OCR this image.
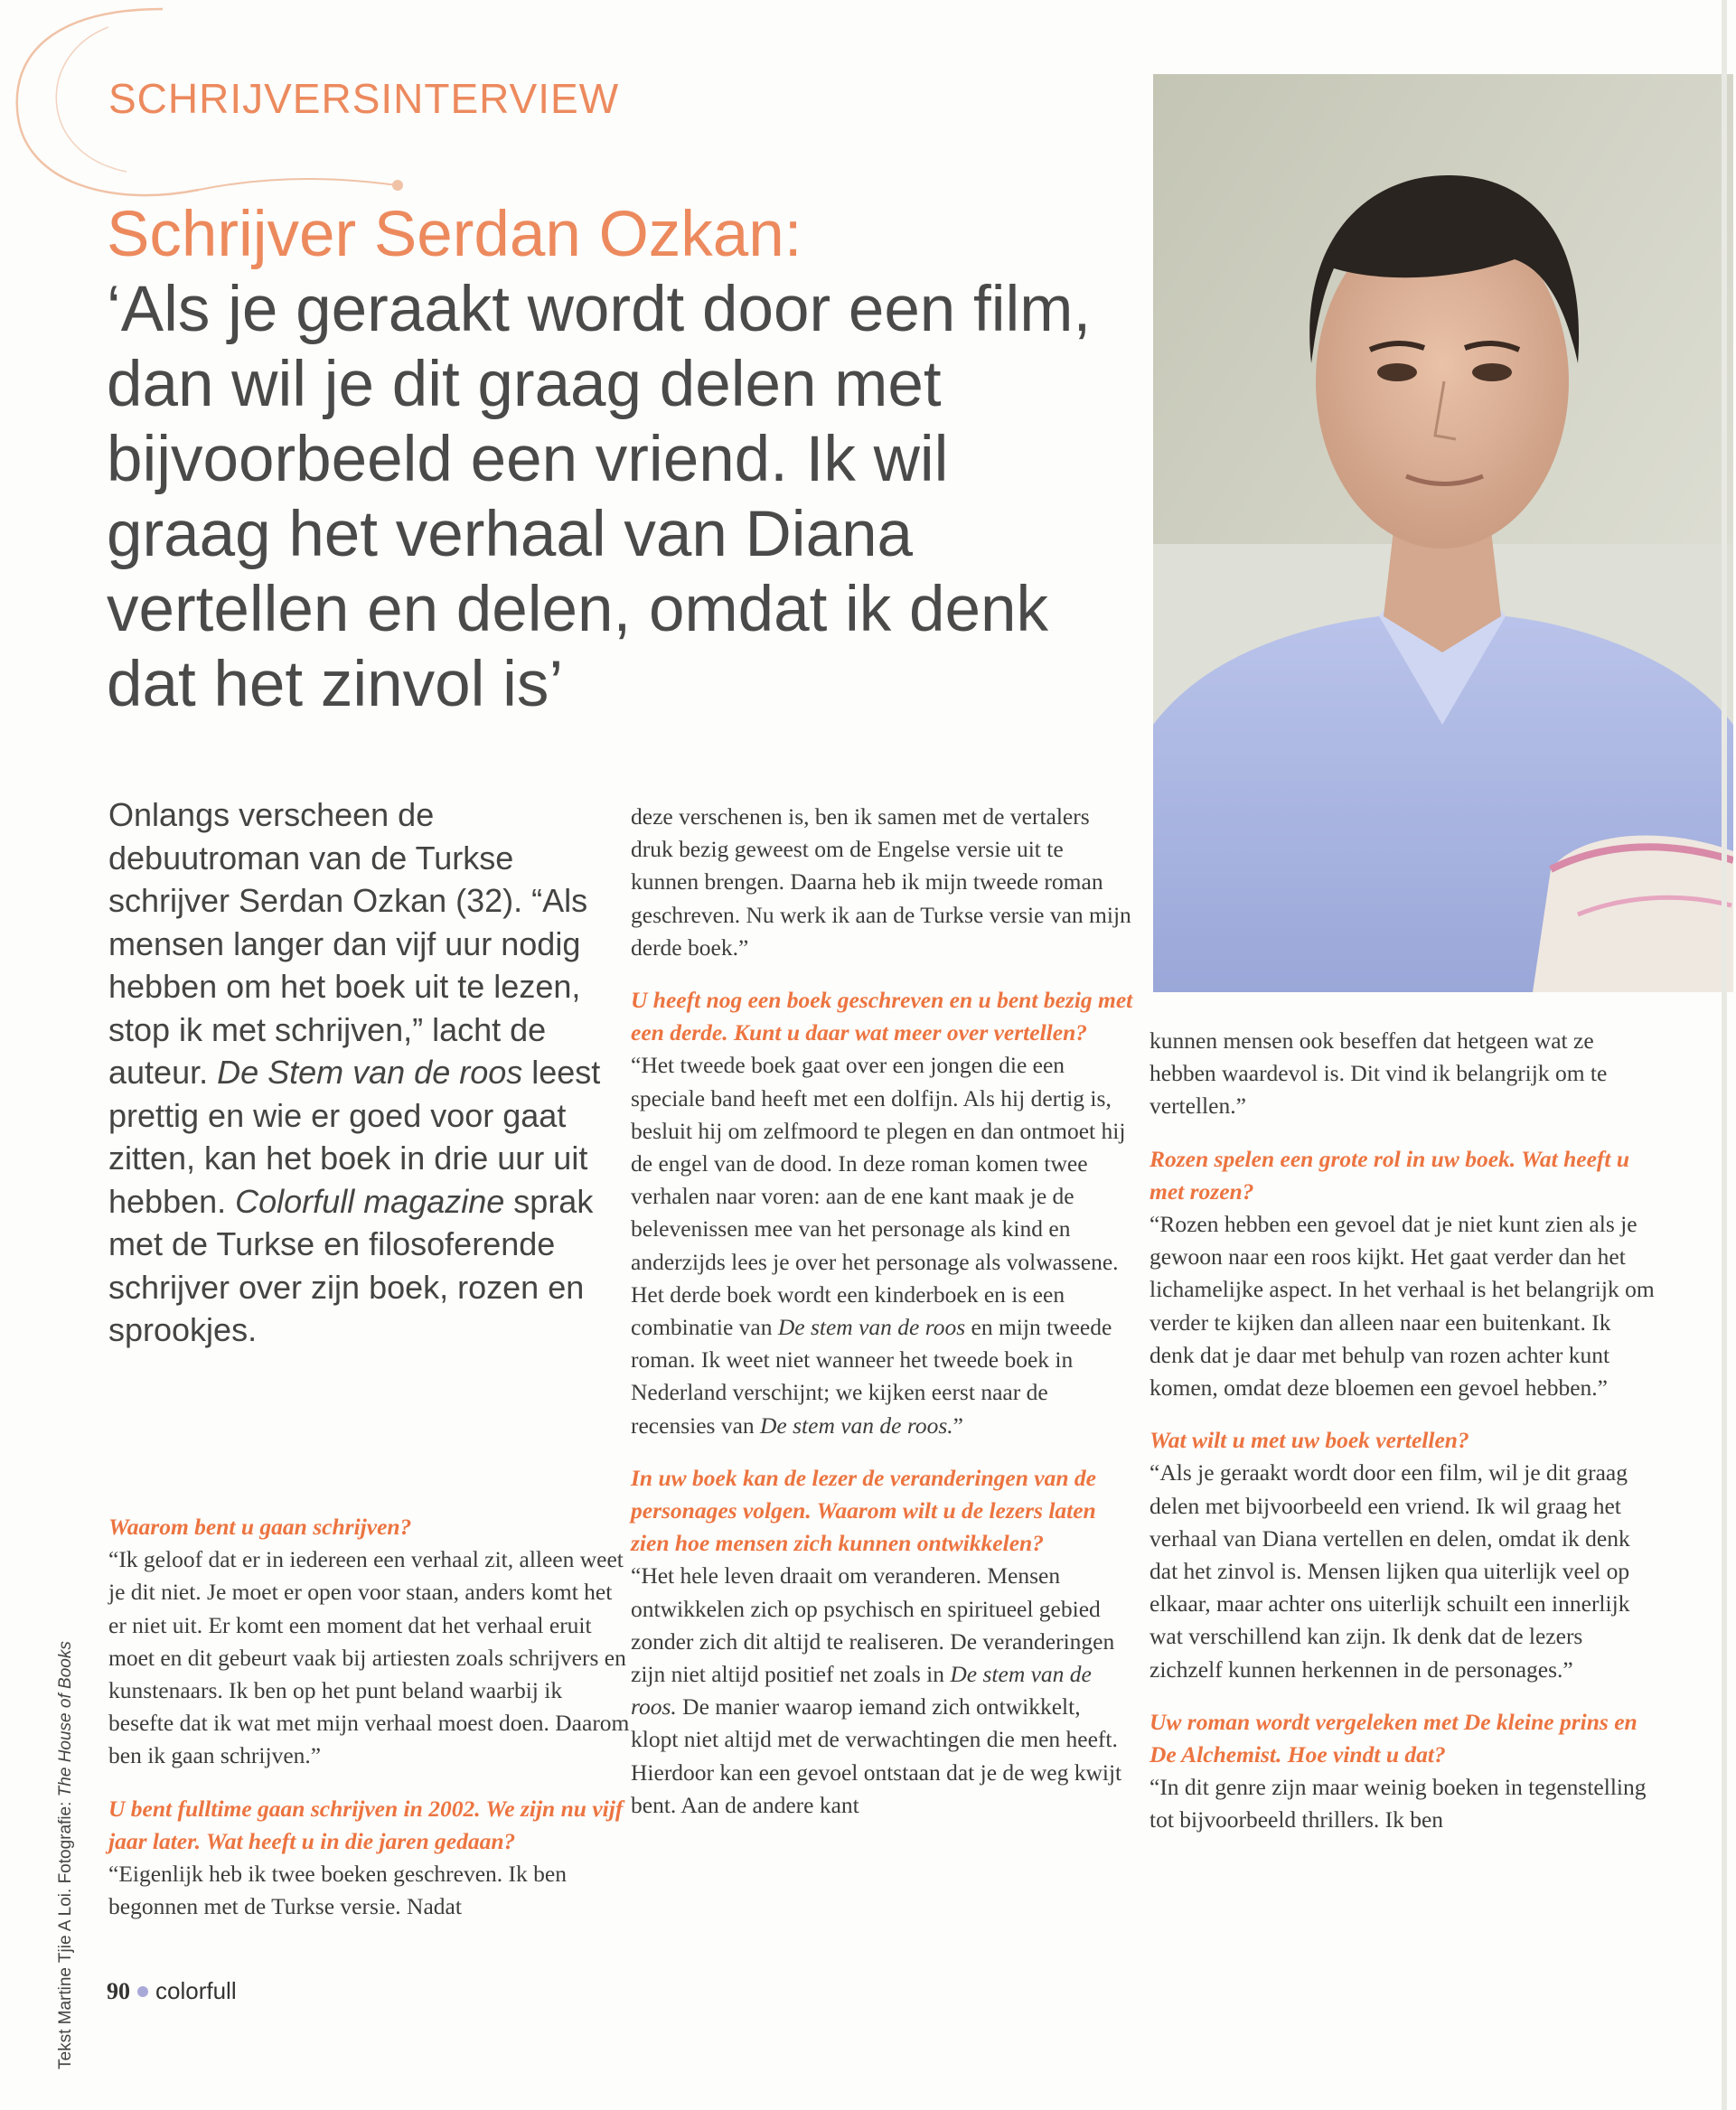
SCHRIJVERSINTERVIEW
Schrijver Serdan Ozkan:
‘Als je geraakt wordt door een film, dan wil je dit graag delen met bijvoorbeeld een vriend. Ik wil graag het verhaal van Diana vertellen en delen, omdat ik denk dat het zinvol is’
Onlangs verscheen de debuutroman van de Turkse schrijver Serdan Ozkan (32). “Als mensen langer dan vijf uur nodig hebben om het boek uit te lezen, stop ik met schrijven,” lacht de auteur. De Stem van de roos leest prettig en wie er goed voor gaat zitten, kan het boek in drie uur uit hebben. Colorfull magazine sprak met de Turkse en filosoferende schrijver over zijn boek, rozen en sprookjes.

Waarom bent u gaan schrijven?

“Ik geloof dat er in iedereen een verhaal zit, alleen weet je dit niet. Je moet er open voor staan, anders komt het er niet uit. Er komt een moment dat het verhaal eruit moet en dit gebeurt vaak bij artiesten zoals schrijvers en kunstenaars. Ik ben op het punt beland waarbij ik besefte dat ik wat met mijn verhaal moest doen. Daarom ben ik gaan schrijven.”

U bent fulltime gaan schrijven in 2002. We zijn nu vijf jaar later. Wat heeft u in die jaren gedaan?

“Eigenlijk heb ik twee boeken geschreven. Ik ben begonnen met de Turkse versie. Nadat

deze verschenen is, ben ik samen met de vertalers druk bezig geweest om de Engelse versie uit te kunnen brengen. Daarna heb ik mijn tweede roman geschreven. Nu werk ik aan de Turkse versie van mijn derde boek.”

U heeft nog een boek geschreven en u bent bezig met een derde. Kunt u daar wat meer over vertellen?

“Het tweede boek gaat over een jongen die een speciale band heeft met een dolfijn. Als hij dertig is, besluit hij om zelfmoord te plegen en dan ontmoet hij de engel van de dood. In deze roman komen twee verhalen naar voren: aan de ene kant maak je de belevenissen mee van het personage als kind en anderzijds lees je over het personage als volwassene. Het derde boek wordt een kinderboek en is een combinatie van De stem van de roos en mijn tweede roman. Ik weet niet wanneer het tweede boek in Nederland verschijnt; we kijken eerst naar de recensies van De stem van de roos.”

In uw boek kan de lezer de veranderingen van de personages volgen. Waarom wilt u de lezers laten zien hoe mensen zich kunnen ontwikkelen?

“Het hele leven draait om veranderen. Mensen ontwikkelen zich op psychisch en spiritueel gebied zonder zich dit altijd te realiseren. De veranderingen zijn niet altijd positief net zoals in De stem van de roos. De manier waarop iemand zich ontwikkelt, klopt niet altijd met de verwachtingen die men heeft. Hierdoor kan een gevoel ontstaan dat je de weg kwijt bent. Aan de andere kant

kunnen mensen ook beseffen dat hetgeen wat ze hebben waardevol is. Dit vind ik belangrijk om te vertellen.”

Rozen spelen een grote rol in uw boek. Wat heeft u met rozen?

“Rozen hebben een gevoel dat je niet kunt zien als je gewoon naar een roos kijkt. Het gaat verder dan het lichamelijke aspect. In het verhaal is het belangrijk om verder te kijken dan alleen naar een buitenkant. Ik denk dat je daar met behulp van rozen achter kunt komen, omdat deze bloemen een gevoel hebben.”

Wat wilt u met uw boek vertellen?

“Als je geraakt wordt door een film, wil je dit graag delen met bijvoorbeeld een vriend. Ik wil graag het verhaal van Diana vertellen en delen, omdat ik denk dat het zinvol is. Mensen lijken qua uiterlijk veel op elkaar, maar achter ons uiterlijk schuilt een innerlijk wat verschillend kan zijn. Ik denk dat de lezers zichzelf kunnen herkennen in de personages.”

Uw roman wordt vergeleken met De kleine prins en De Alchemist. Hoe vindt u dat?

“In dit genre zijn maar weinig boeken in tegenstelling tot bijvoorbeeld thrillers. Ik ben

Tekst Martine Tjie A Loi. Fotografie: The House of Books
90 colorfull
